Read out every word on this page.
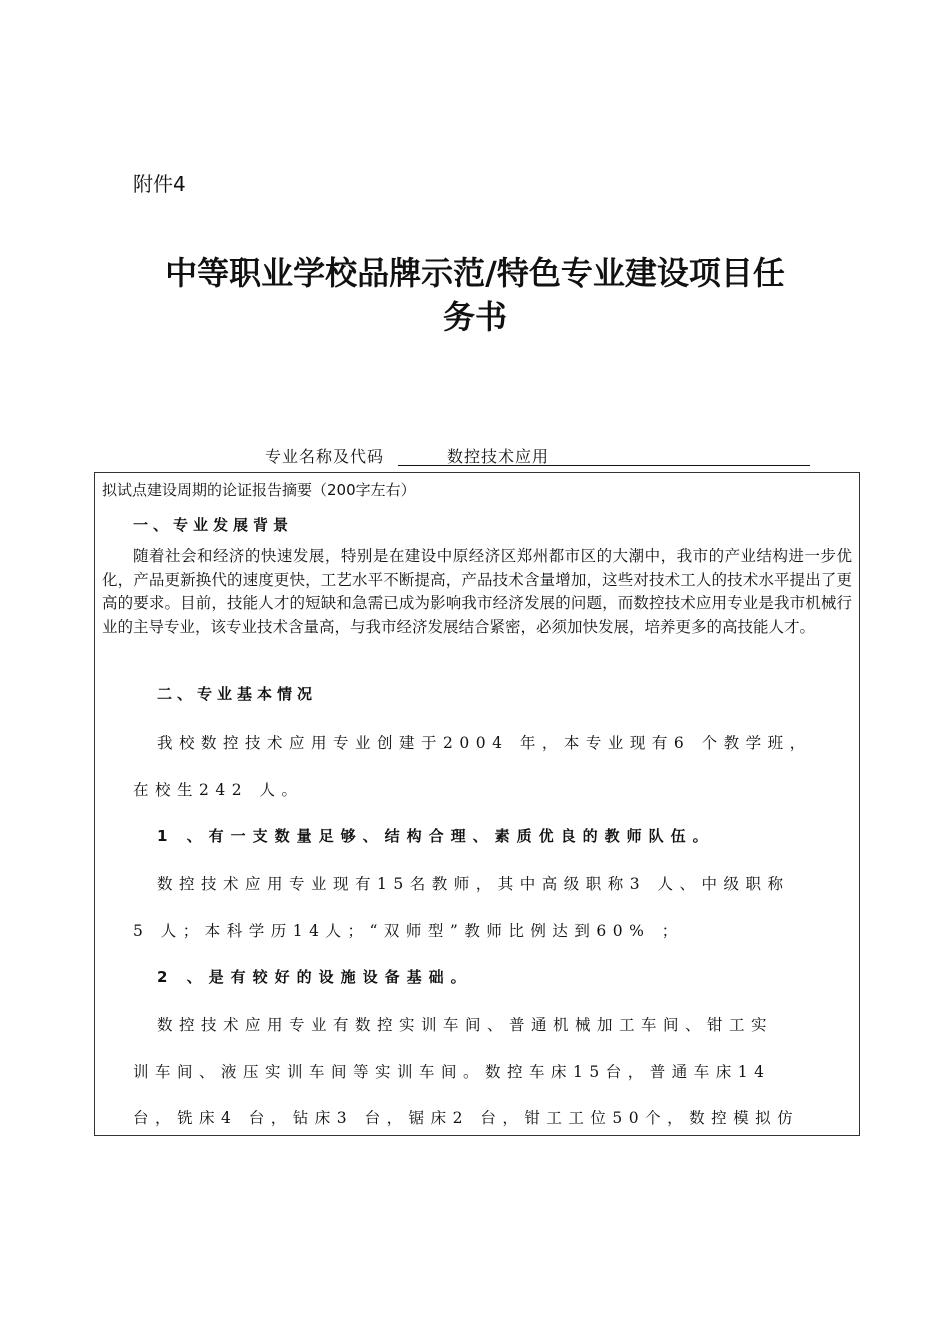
附件4
中等职业学校品牌示范/特色专业建设项目任
务书
专业名称及代码	数控技术应用
拟试点建设周期的论证报告摘要（200字左右）
一、专业发展背景
随着社会和经济的快速发展，特别是在建设中原经济区郑州都市区的大潮中，我市的产业结构进一步优化，产品更新换代的速度更快，工艺水平不断提高，产品技术含量增加，这些对技术工人的技术水平提出了更高的要求。目前，技能人才的短缺和急需已成为影响我市经济发展的问题，而数控技术应用专业是我市机械行业的主导专业，该专业技术含量高，与我市经济发展结合紧密，必须加快发展，培养更多的高技能人才。
二、专业基本情况
我校数控技术应用专业创建于2004 年，本专业现有6 个教学班，
在校生242 人。
1 、有一支数量足够、结构合理、素质优良的教师队伍。
数控技术应用专业现有15名教师，其中高级职称3 人、中级职称
5 人；本科学历14人；“双师型”教师比例达到60% ；
2 、是有较好的设施设备基础。
数控技术应用专业有数控实训车间、普通机械加工车间、钳工实
训车间、液压实训车间等实训车间。数控车床15台，普通车床14
台，铣床4 台，钻床3 台，锯床2 台，钳工工位50个，数控模拟仿
